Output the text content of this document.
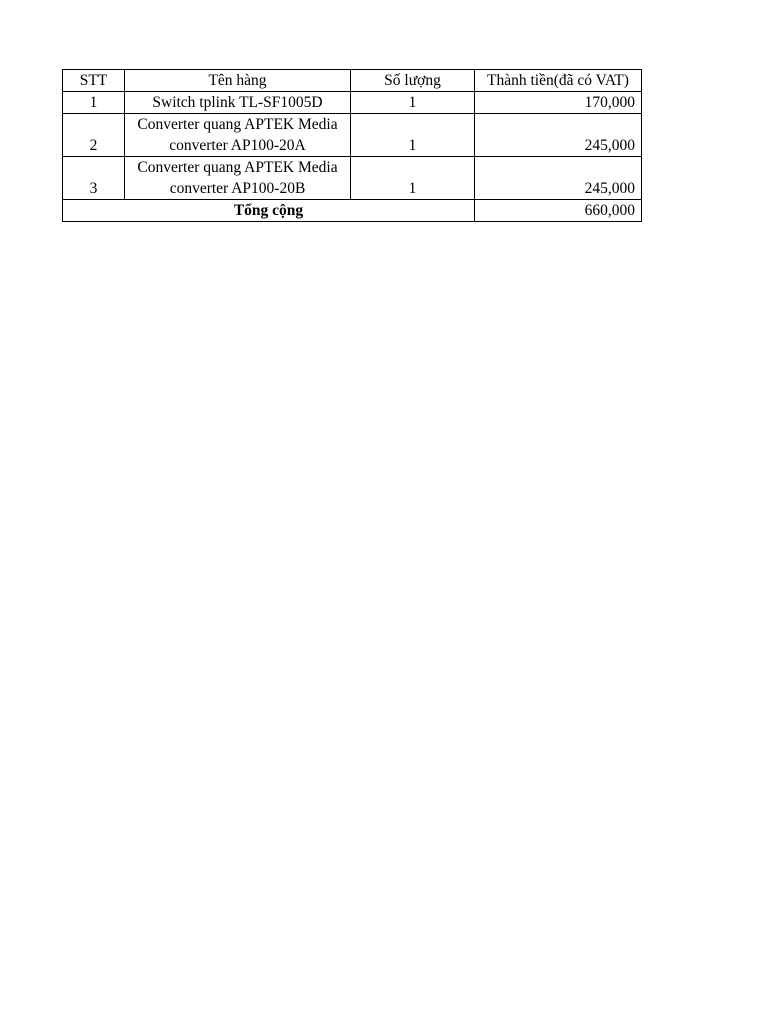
STT	Tên hàng	Số lượng	Thành tiền(đã có VAT)
1	Switch tplink TL-SF1005D	1	170,000
2	Converter quang APTEK Media converter AP100-20A	1	245,000
3	Converter quang APTEK Media converter AP100-20B	1	245,000
Tổng cộng			660,000
